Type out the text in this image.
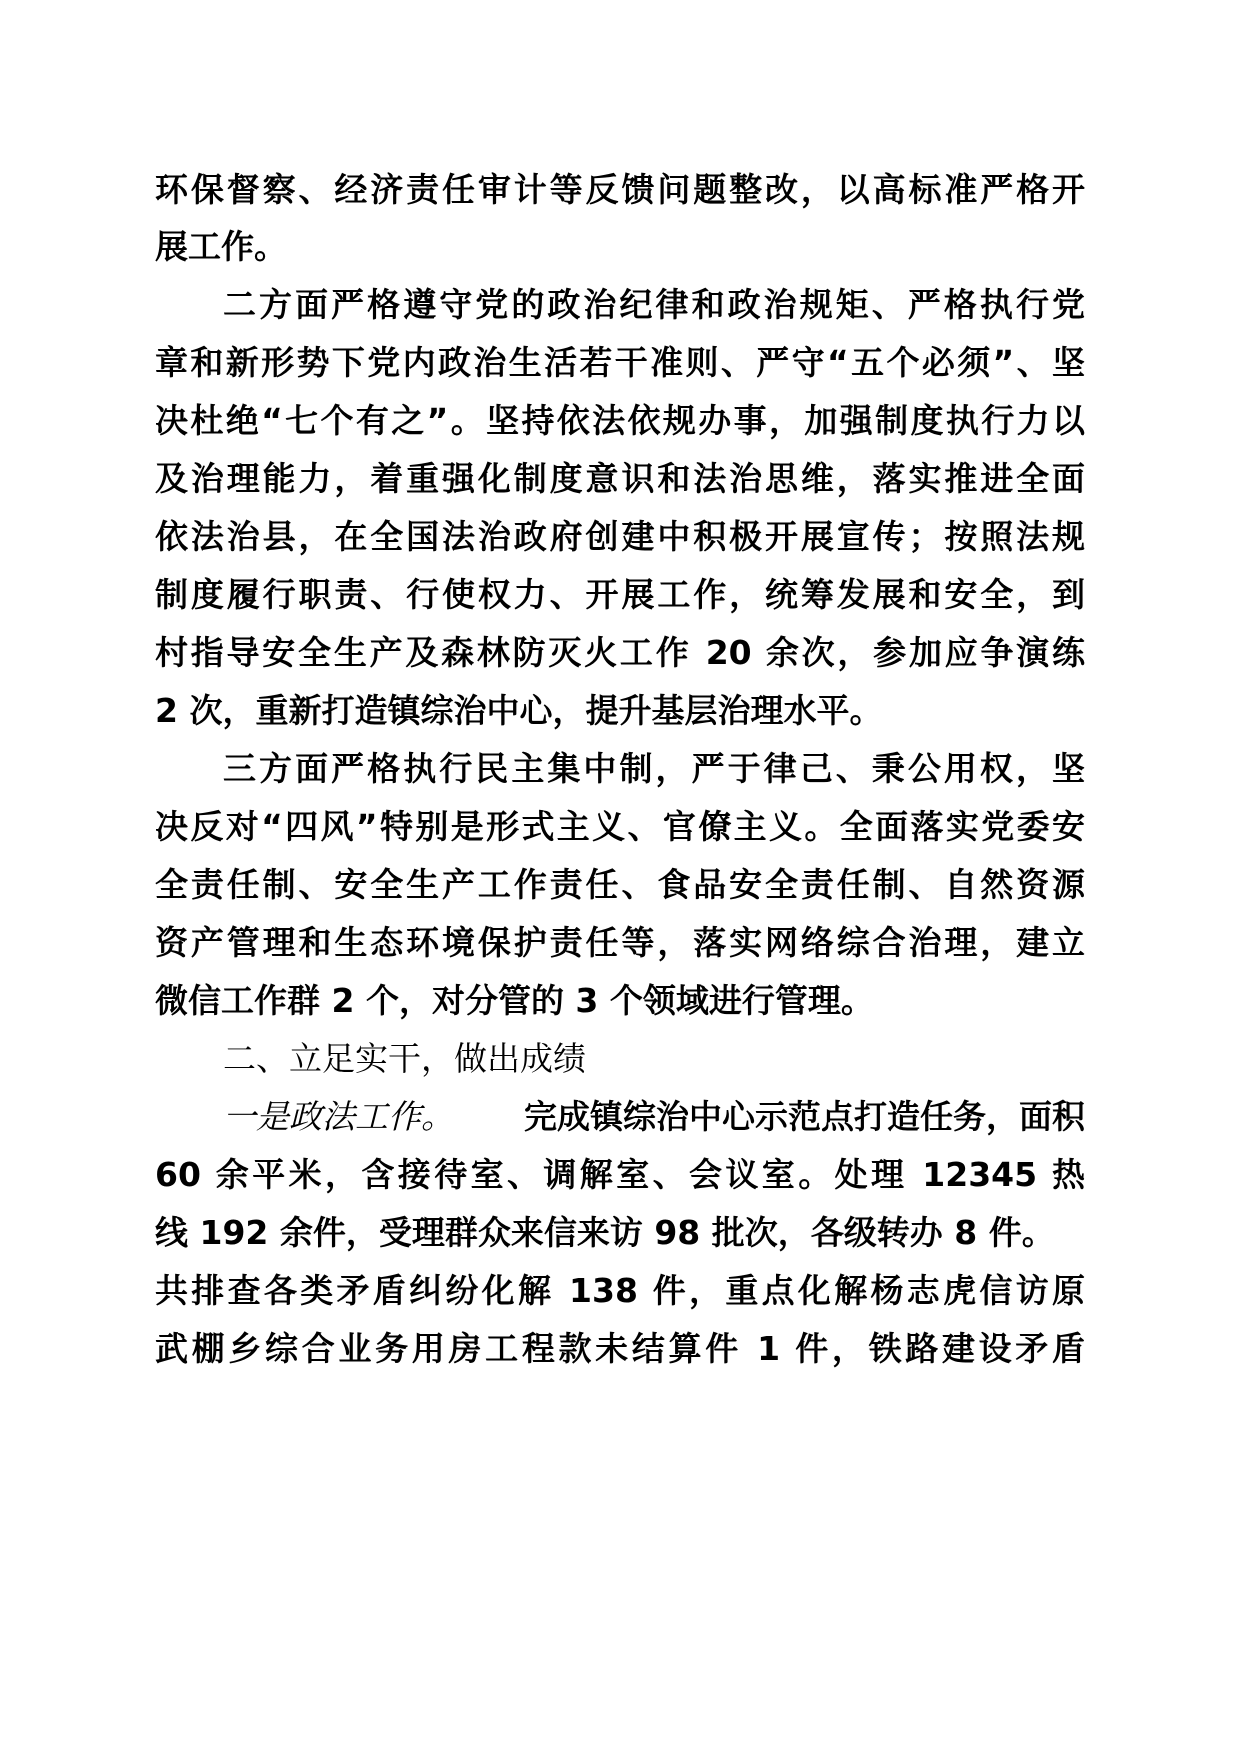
环保督察、经济责任审计等反馈问题整改，以高标准严格开
展工作。
二方面严格遵守党的政治纪律和政治规矩、严格执行党
章和新形势下党内政治生活若干准则、严守“五个必须”、坚
决杜绝“七个有之”。坚持依法依规办事，加强制度执行力以
及治理能力，着重强化制度意识和法治思维，落实推进全面
依法治县，在全国法治政府创建中积极开展宣传；按照法规
制度履行职责、行使权力、开展工作，统筹发展和安全，到
村指导安全生产及森林防灭火工作 20 余次，参加应争演练
2 次，重新打造镇综治中心，提升基层治理水平。
三方面严格执行民主集中制，严于律己、秉公用权，坚
决反对“四风”特别是形式主义、官僚主义。全面落实党委安
全责任制、安全生产工作责任、食品安全责任制、自然资源
资产管理和生态环境保护责任等，落实网络综合治理，建立
微信工作群 2 个，对分管的 3 个领域进行管理。
二、立足实干，做出成绩
一是政法工作。 完成镇综治中心示范点打造任务，面积
60 余平米，含接待室、调解室、会议室。处理 12345 热
线 192 余件，受理群众来信来访 98 批次，各级转办 8 件。
共排查各类矛盾纠纷化解 138 件，重点化解杨志虎信访原
武棚乡综合业务用房工程款未结算件 1 件，铁路建设矛盾
